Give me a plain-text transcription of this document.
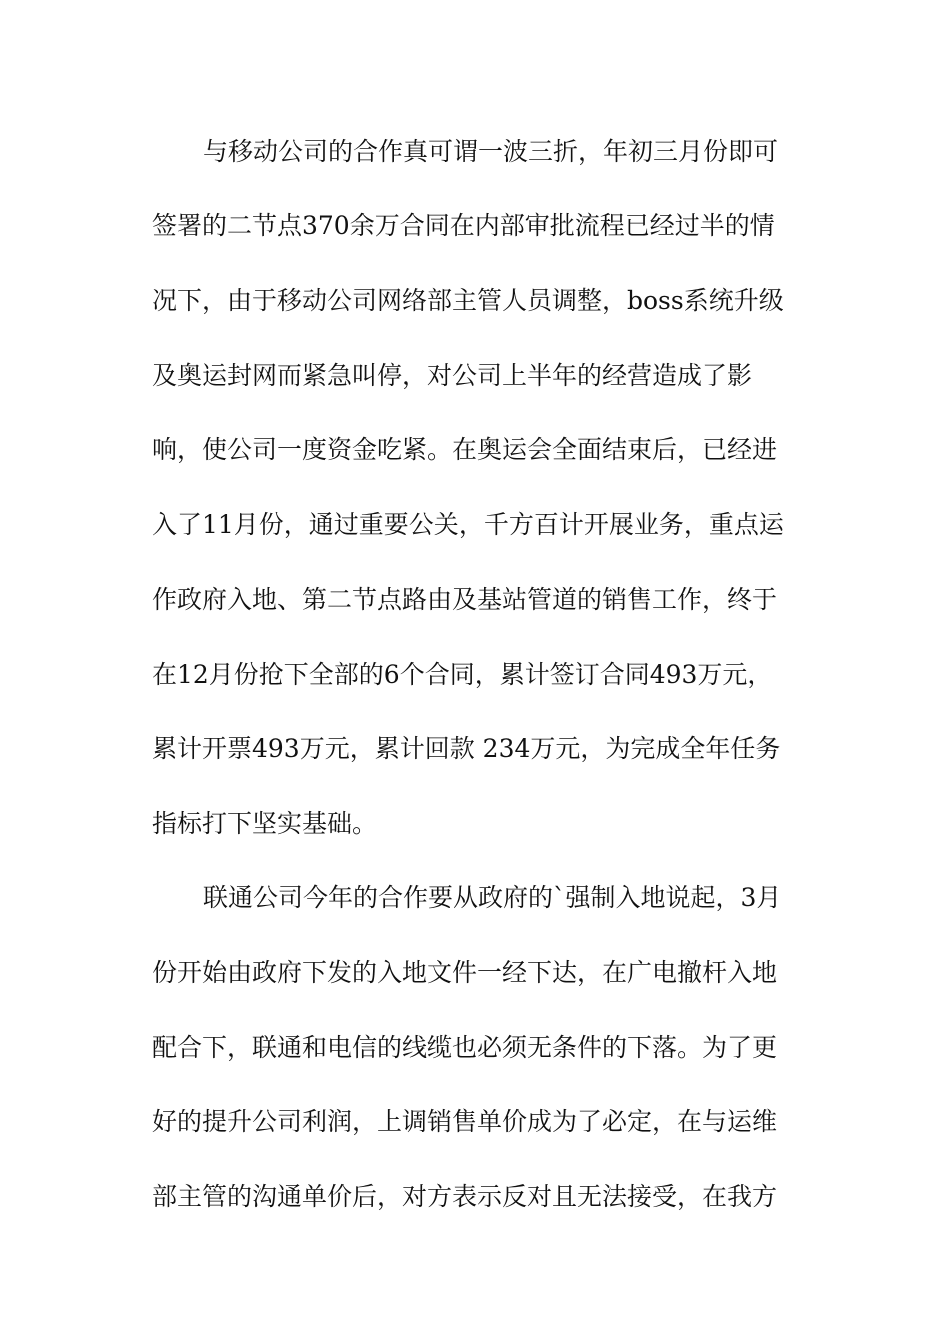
与移动公司的合作真可谓一波三折，年初三月份即可
签署的二节点370余万合同在内部审批流程已经过半的情
况下，由于移动公司网络部主管人员调整，boss系统升级
及奥运封网而紧急叫停，对公司上半年的经营造成了影
响，使公司一度资金吃紧。在奥运会全面结束后，已经进
入了11月份，通过重要公关，千方百计开展业务，重点运
作政府入地、第二节点路由及基站管道的销售工作，终于
在12月份抢下全部的6个合同，累计签订合同493万元，
累计开票493万元，累计回款 234万元，为完成全年任务
指标打下坚实基础。
联通公司今年的合作要从政府的`强制入地说起，3月
份开始由政府下发的入地文件一经下达，在广电撤杆入地
配合下，联通和电信的线缆也必须无条件的下落。为了更
好的提升公司利润，上调销售单价成为了必定，在与运维
部主管的沟通单价后，对方表示反对且无法接受，在我方
